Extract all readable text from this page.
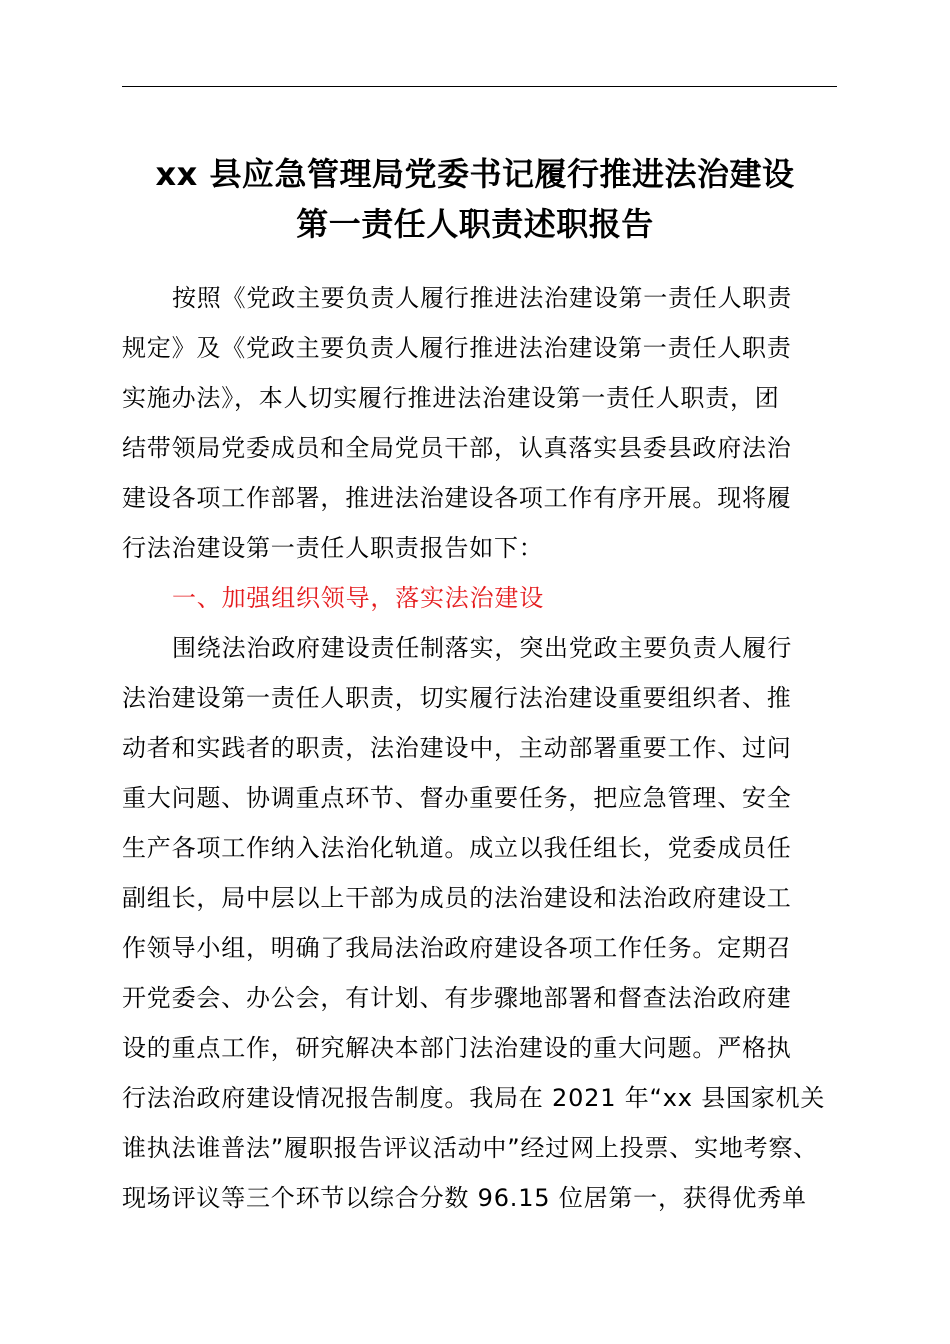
xx 县应急管理局党委书记履行推进法治建设
第一责任人职责述职报告
按照《党政主要负责人履行推进法治建设第一责任人职责
规定》及《党政主要负责人履行推进法治建设第一责任人职责
实施办法》，本人切实履行推进法治建设第一责任人职责，团
结带领局党委成员和全局党员干部，认真落实县委县政府法治
建设各项工作部署，推进法治建设各项工作有序开展。现将履
行法治建设第一责任人职责报告如下：
一、加强组织领导，落实法治建设
围绕法治政府建设责任制落实，突出党政主要负责人履行
法治建设第一责任人职责，切实履行法治建设重要组织者、推
动者和实践者的职责，法治建设中，主动部署重要工作、过问
重大问题、协调重点环节、督办重要任务，把应急管理、安全
生产各项工作纳入法治化轨道。成立以我任组长，党委成员任
副组长，局中层以上干部为成员的法治建设和法治政府建设工
作领导小组，明确了我局法治政府建设各项工作任务。定期召
开党委会、办公会，有计划、有步骤地部署和督查法治政府建
设的重点工作，研究解决本部门法治建设的重大问题。严格执
行法治政府建设情况报告制度。我局在 2021 年“xx 县国家机关
谁执法谁普法”履职报告评议活动中”经过网上投票、实地考察、
现场评议等三个环节以综合分数 96.15 位居第一，获得优秀单
